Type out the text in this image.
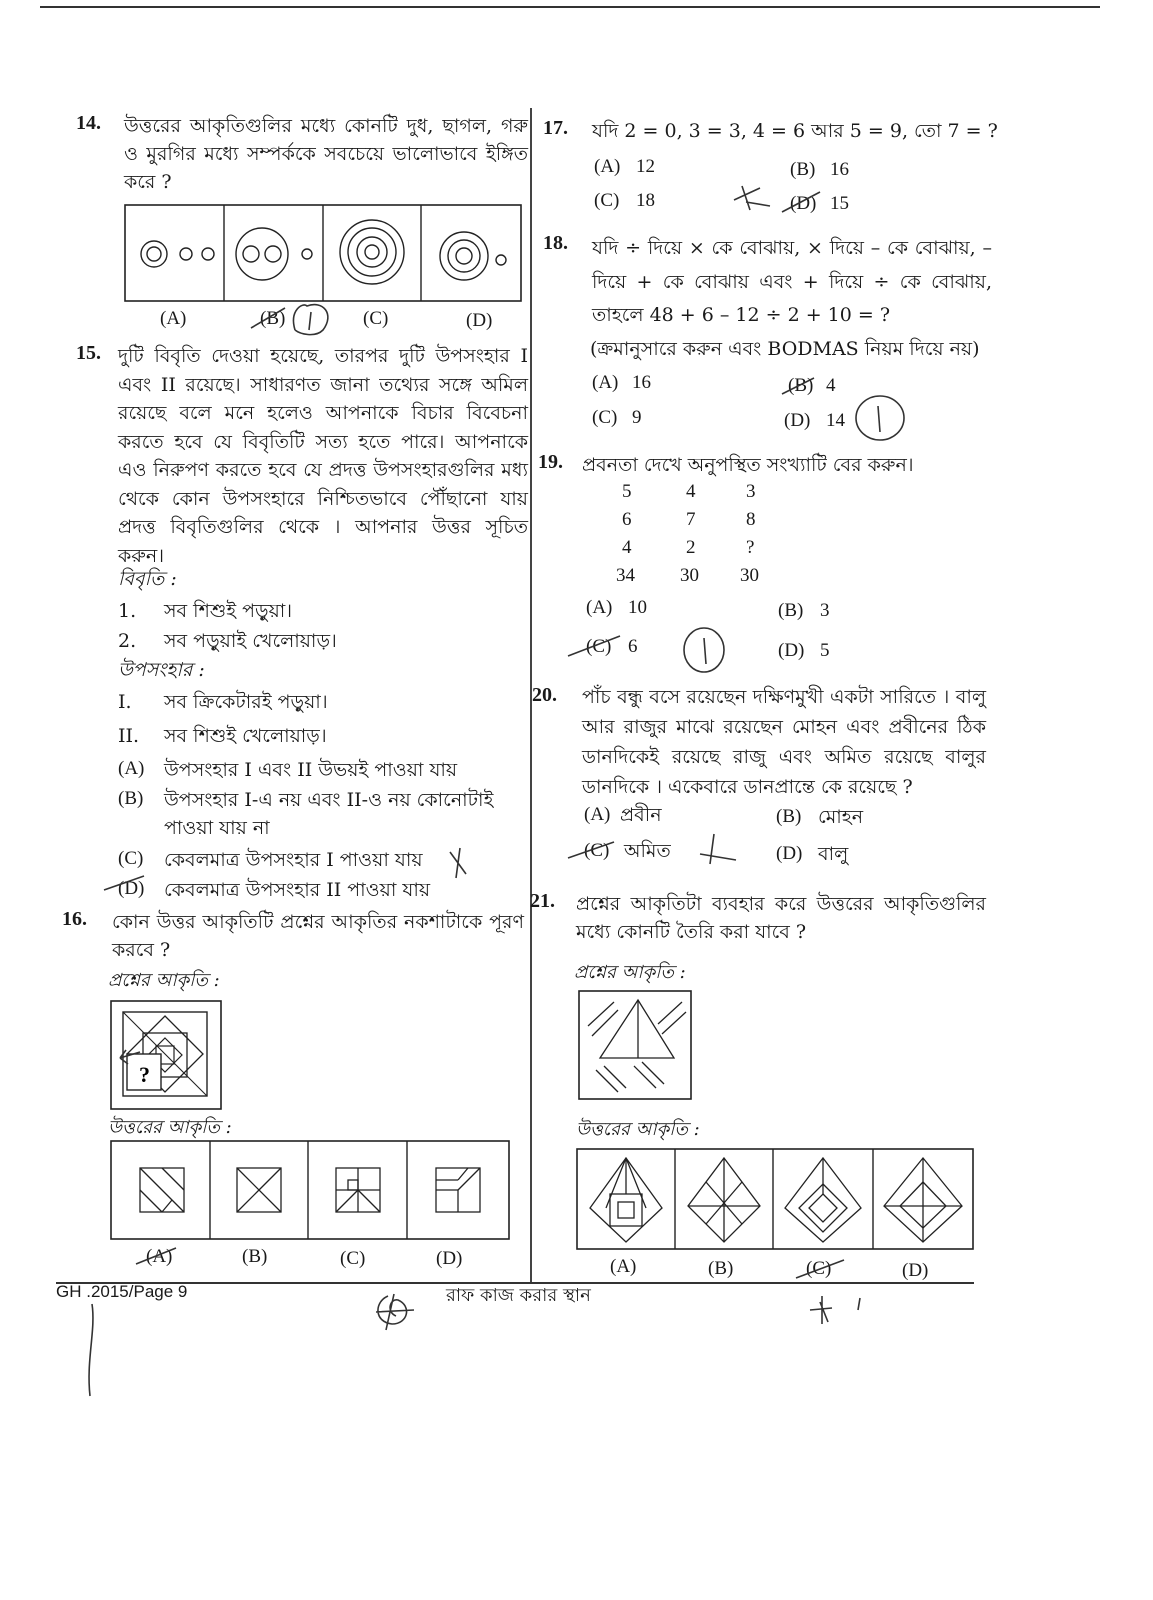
14. উত্তরের আকৃতিগুলির মধ্যে কোনটি দুধ, ছাগল, গরু ও মুরগির মধ্যে সম্পর্ককে সবচেয়ে ভালোভাবে ইঙ্গিত করে ?
(A)	(B)	(C)	(D)
15. দুটি বিবৃতি দেওয়া হয়েছে, তারপর দুটি উপসংহার I এবং II রয়েছে। সাধারণত জানা তথ্যের সঙ্গে অমিল রয়েছে বলে মনে হলেও আপনাকে বিচার বিবেচনা করতে হবে যে বিবৃতিটি সত্য হতে পারে। আপনাকে এও নিরুপণ করতে হবে যে প্রদত্ত উপসংহারগুলির মধ্য থেকে কোন উপসংহারে নিশ্চিতভাবে পৌঁছানো যায় প্রদত্ত বিবৃতিগুলির থেকে । আপনার উত্তর সূচিত করুন।
বিবৃতি :
1. সব শিশুই পড়ুয়া।
2. সব পড়ুয়াই খেলোয়াড়।
উপসংহার :
I. সব ক্রিকেটারই পড়ুয়া।
II. সব শিশুই খেলোয়াড়।
(A) উপসংহার I এবং II উভয়ই পাওয়া যায়
(B) উপসংহার I-এ নয় এবং II-ও নয় কোনোটাই পাওয়া যায় না
(C) কেবলমাত্র উপসংহার I পাওয়া যায়
(D) কেবলমাত্র উপসংহার II পাওয়া যায়
16. কোন উত্তর আকৃতিটি প্রশ্নের আকৃতির নকশাটাকে পূরণ করবে ?
প্রশ্নের আকৃতি :
?
উত্তরের আকৃতি :
(A)	(B)	(C)	(D)
17. যদি 2 = 0, 3 = 3, 4 = 6 আর 5 = 9, তো 7 = ?
(A) 12	(B) 16
(C) 18	(D) 15
18. যদি ÷ দিয়ে × কে বোঝায়, × দিয়ে – কে বোঝায়, –
দিয়ে + কে বোঝায় এবং + দিয়ে ÷ কে বোঝায়,
তাহলে 48 + 6 – 12 ÷ 2 + 10 = ?
(ক্রমানুসারে করুন এবং BODMAS নিয়ম দিয়ে নয়)
(A) 16	(B) 4
(C) 9	(D) 14
19. প্রবনতা দেখে অনুপস্থিত সংখ্যাটি বের করুন।
5	4	3
6	7	8
4	2	?
34 30 30
(A) 10	(B) 3
(C) 6	(D) 5
20. পাঁচ বন্ধু বসে রয়েছেন দক্ষিণমুখী একটা সারিতে । বালু আর রাজুর মাঝে রয়েছেন মোহন এবং প্রবীনের ঠিক ডানদিকেই রয়েছে রাজু এবং অমিত রয়েছে বালুর ডানদিকে । একেবারে ডানপ্রান্তে কে রয়েছে ?
(A) প্রবীন	(B) মোহন
(C) অমিত	(D) বালু
21. প্রশ্নের আকৃতিটা ব্যবহার করে উত্তরের আকৃতিগুলির মধ্যে কোনটি তৈরি করা যাবে ?
প্রশ্নের আকৃতি :
উত্তরের আকৃতি :
(A)	(B)	(C)	(D)
GH .2015/Page 9	রাফ কাজ করার স্থান
